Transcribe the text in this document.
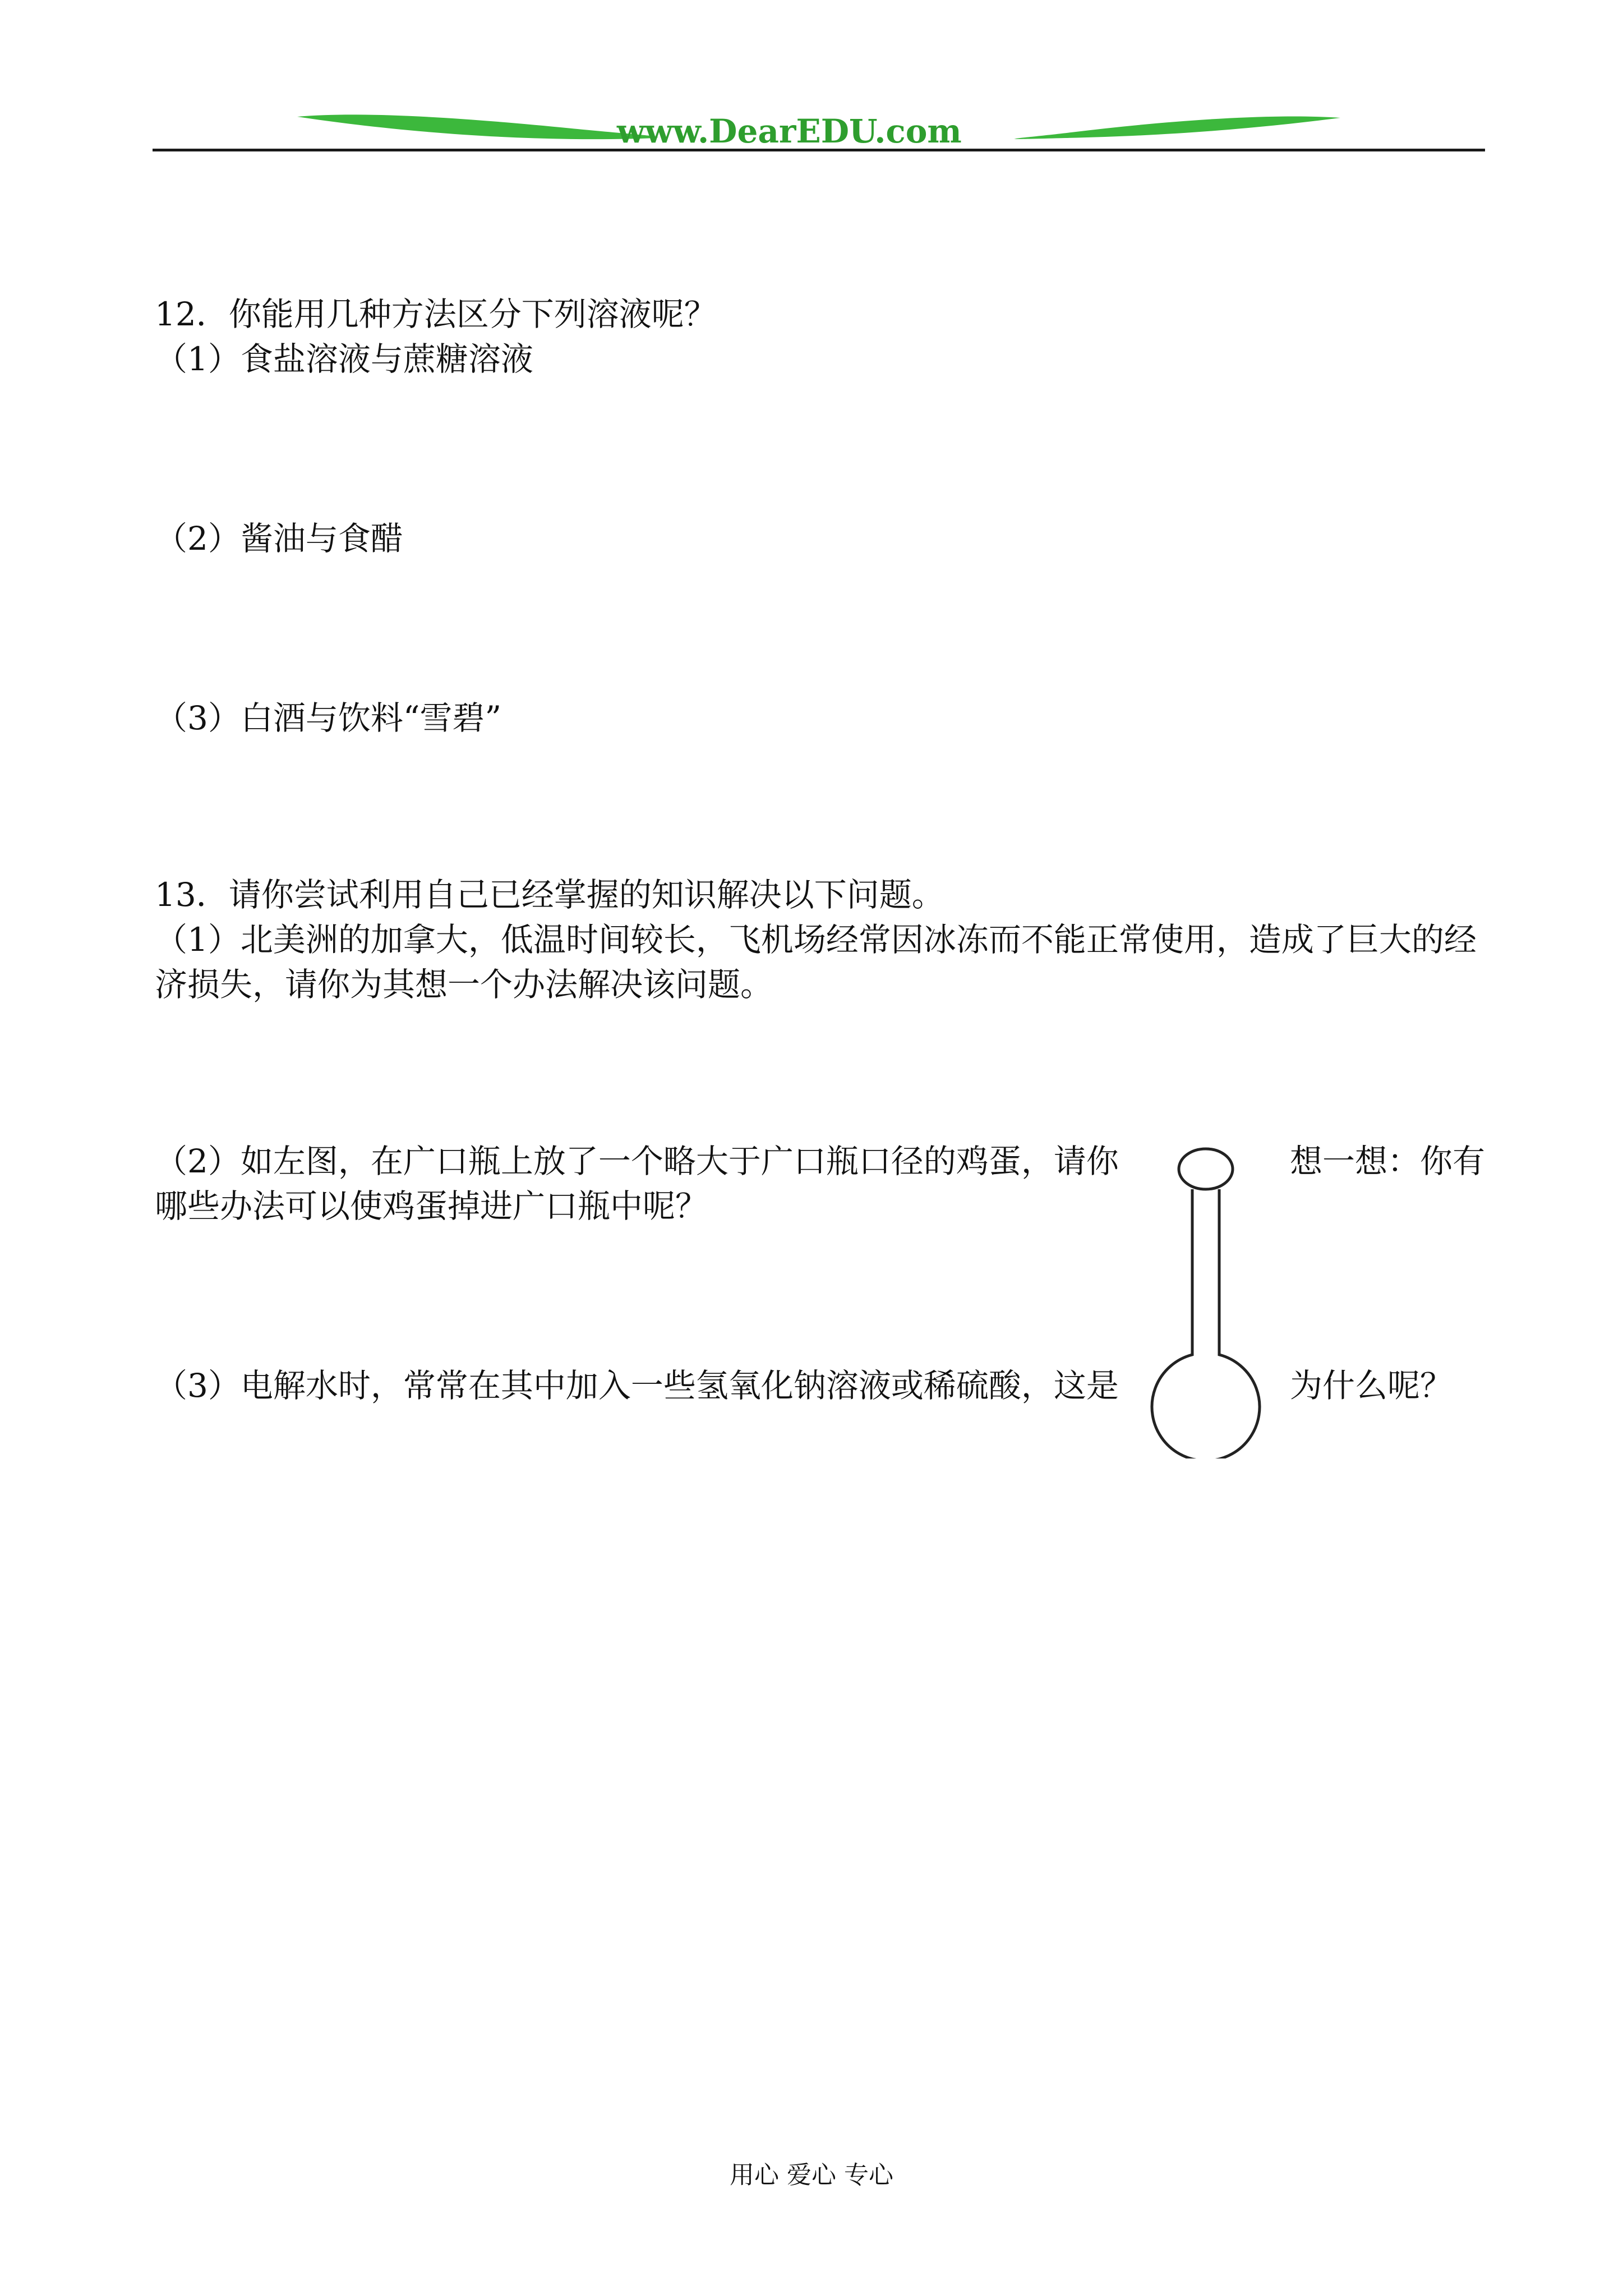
www.DearEDU.com
12．你能用几种方法区分下列溶液呢？
（1）食盐溶液与蔗糖溶液
（2）酱油与食醋
（3）白酒与饮料“雪碧”
13．请你尝试利用自己已经掌握的知识解决以下问题。
（1）北美洲的加拿大，低温时间较长，飞机场经常因冰冻而不能正常使用，造成了巨大的经
济损失，请你为其想一个办法解决该问题。
（2）如左图，在广口瓶上放了一个略大于广口瓶口径的鸡蛋，请你	想一想：你有
哪些办法可以使鸡蛋掉进广口瓶中呢？
（3）电解水时，常常在其中加入一些氢氧化钠溶液或稀硫酸，这是	为什么呢？
用心 爱心 专心
